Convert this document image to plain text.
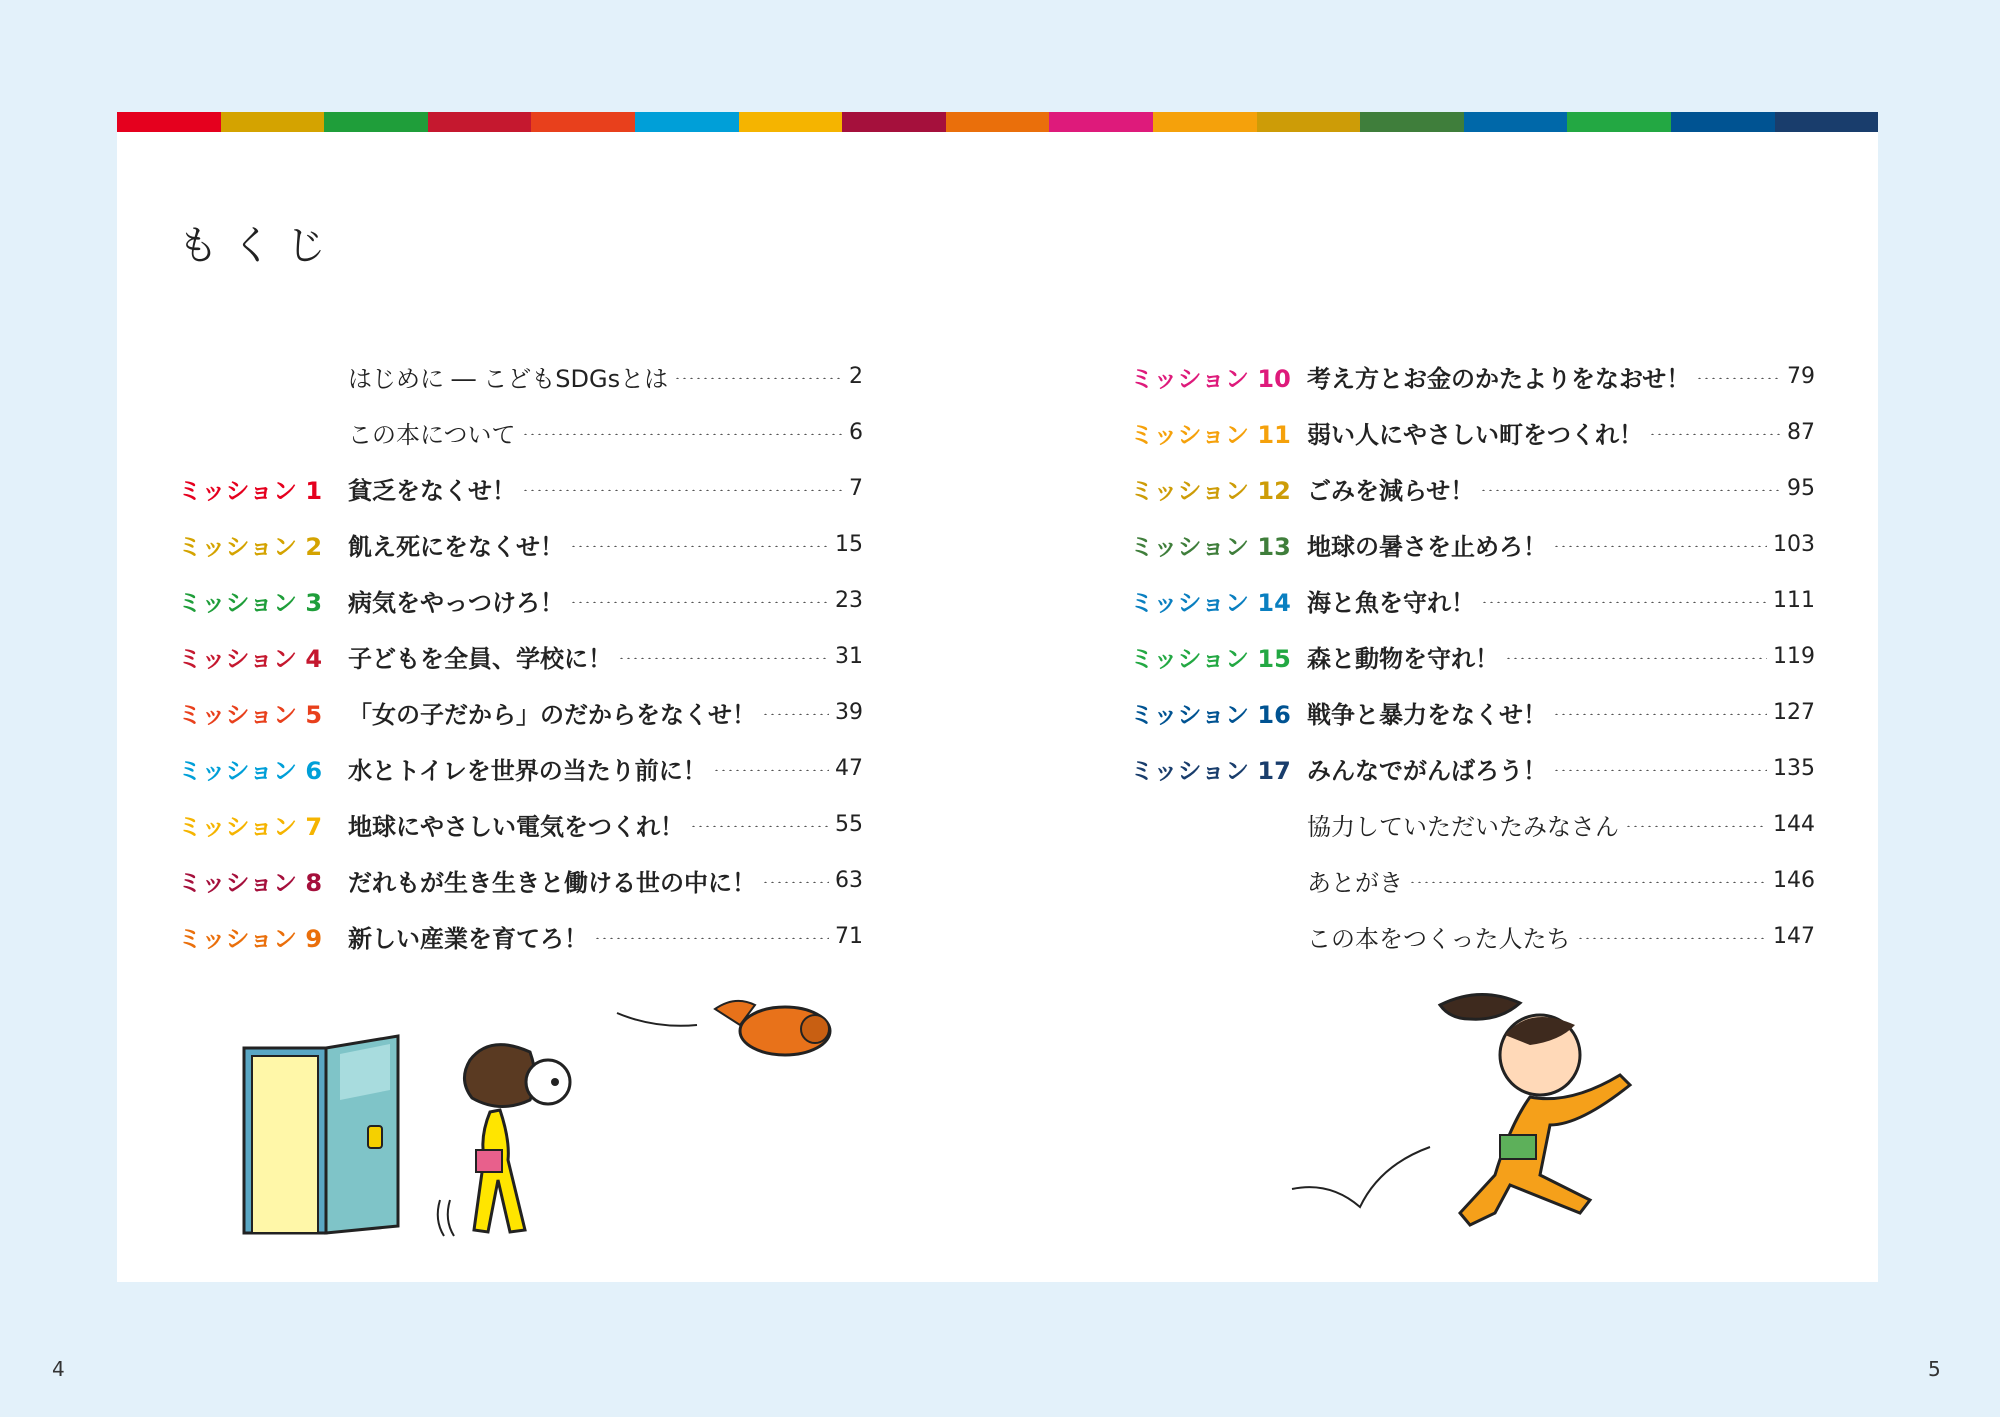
もくじ
はじめに ― こどもSDGsとは	2
この本について	6
ミッション 1	貧乏をなくせ！	7
ミッション 2	飢え死にをなくせ！	15
ミッション 3	病気をやっつけろ！	23
ミッション 4	子どもを全員、学校に！	31
ミッション 5	「女の子だから」のだからをなくせ！	39
ミッション 6	水とトイレを世界の当たり前に！	47
ミッション 7	地球にやさしい電気をつくれ！	55
ミッション 8	だれもが生き生きと働ける世の中に！	63
ミッション 9	新しい産業を育てろ！	71
ミッション 10 考え方とお金のかたよりをなおせ！	79
ミッション 11 弱い人にやさしい町をつくれ！	87
ミッション 12 ごみを減らせ！	95
ミッション 13 地球の暑さを止めろ！	103
ミッション 14 海と魚を守れ！	111
ミッション 15 森と動物を守れ！	119
ミッション 16 戦争と暴力をなくせ！	127
ミッション 17 みんなでがんばろう！	135
協力していただいたみなさん	144
あとがき	146
この本をつくった人たち	147
4	5
